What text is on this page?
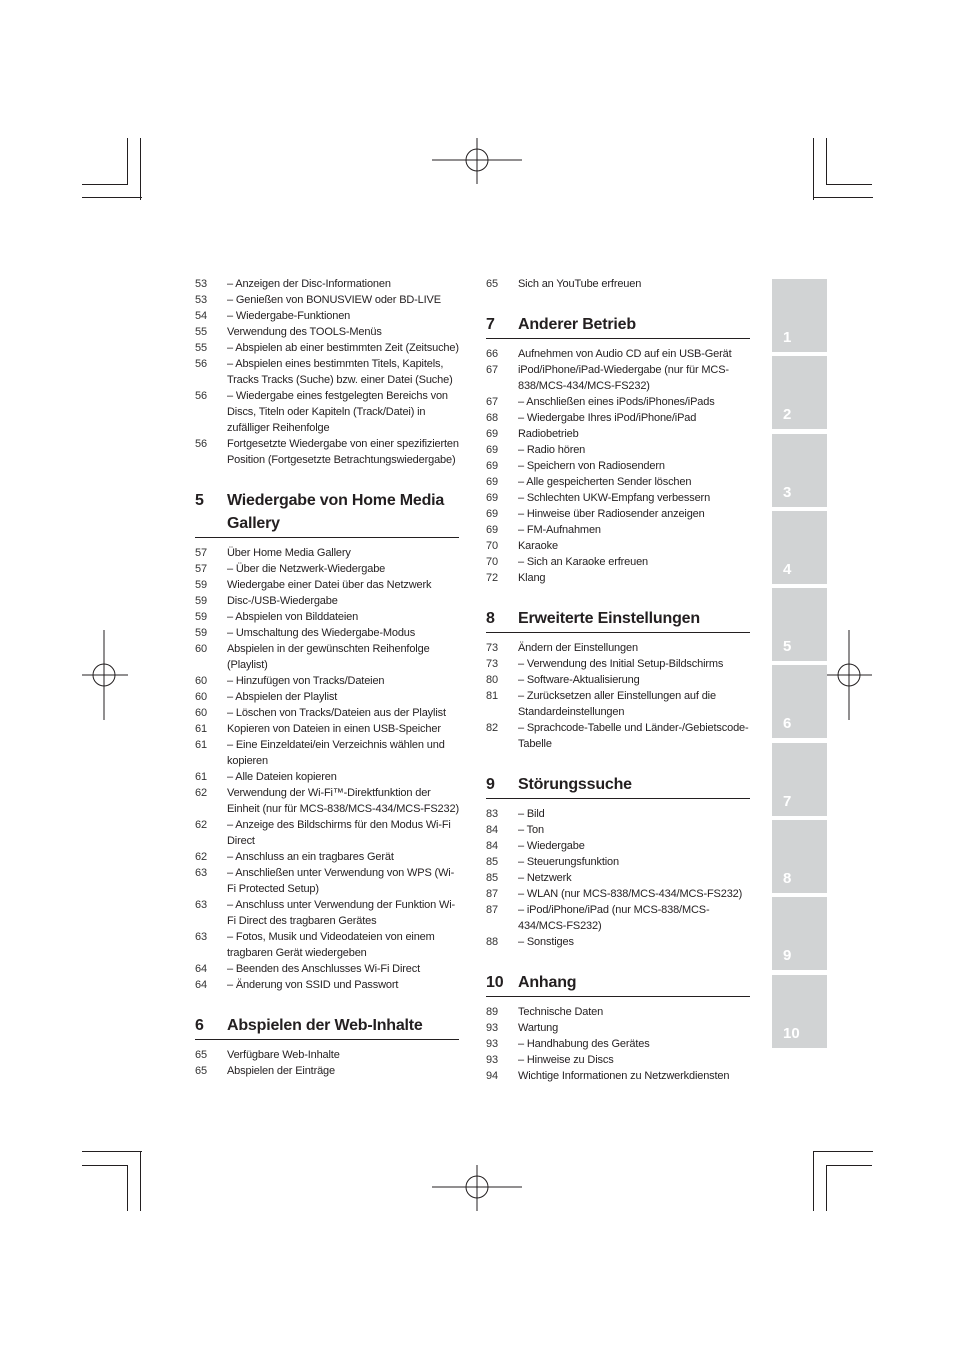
53	– Anzeigen der Disc-Informationen
53	– Genießen von BONUSVIEW oder BD-LIVE
54	– Wiedergabe-Funktionen
55	Verwendung des TOOLS-Menüs
55	– Abspielen ab einer bestimmten Zeit (Zeitsuche)
56	– Abspielen eines bestimmten Titels, Kapitels, Tracks Tracks (Suche) bzw. einer Datei (Suche)
56	– Wiedergabe eines festgelegten Bereichs von Discs, Titeln oder Kapiteln (Track/Datei) in zufälliger Reihenfolge
56	Fortgesetzte Wiedergabe von einer spezifizierten Position (Fortgesetzte Betrachtungswiedergabe)
5	Wiedergabe von Home Media Gallery
57	Über Home Media Gallery
57	– Über die Netzwerk-Wiedergabe
59	Wiedergabe einer Datei über das Netzwerk
59	Disc-/USB-Wiedergabe
59	– Abspielen von Bilddateien
59	– Umschaltung des Wiedergabe-Modus
60	Abspielen in der gewünschten Reihenfolge (Playlist)
60	– Hinzufügen von Tracks/Dateien
60	– Abspielen der Playlist
60	– Löschen von Tracks/Dateien aus der Playlist
61	Kopieren von Dateien in einen USB-Speicher
61	– Eine Einzeldatei/ein Verzeichnis wählen und kopieren
61	– Alle Dateien kopieren
62	Verwendung der Wi-Fi™-Direktfunktion der Einheit (nur für MCS-838/MCS-434/MCS-FS232)
62	– Anzeige des Bildschirms für den Modus Wi-Fi Direct
62	– Anschluss an ein tragbares Gerät
63	– Anschließen unter Verwendung von WPS (Wi-Fi Protected Setup)
63	– Anschluss unter Verwendung der Funktion Wi-Fi Direct des tragbaren Gerätes
63	– Fotos, Musik und Videodateien von einem tragbaren Gerät wiedergeben
64	– Beenden des Anschlusses Wi-Fi Direct
64	– Änderung von SSID und Passwort
6	Abspielen der Web-Inhalte
65	Verfügbare Web-Inhalte
65	Abspielen der Einträge
65	Sich an YouTube erfreuen
7	Anderer Betrieb
66	Aufnehmen von Audio CD auf ein USB-Gerät
67	iPod/iPhone/iPad-Wiedergabe (nur für MCS-838/MCS-434/MCS-FS232)
67	– Anschließen eines iPods/iPhones/iPads
68	– Wiedergabe Ihres iPod/iPhone/iPad
69	Radiobetrieb
69	– Radio hören
69	– Speichern von Radiosendern
69	– Alle gespeicherten Sender löschen
69	– Schlechten UKW-Empfang verbessern
69	– Hinweise über Radiosender anzeigen
69	– FM-Aufnahmen
70	Karaoke
70	– Sich an Karaoke erfreuen
72	Klang
8	Erweiterte Einstellungen
73	Ändern der Einstellungen
73	– Verwendung des Initial Setup-Bildschirms
80	– Software-Aktualisierung
81	– Zurücksetzen aller Einstellungen auf die Standardeinstellungen
82	– Sprachcode-Tabelle und Länder-/Gebietscode-Tabelle
9	Störungssuche
83	– Bild
84	– Ton
84	– Wiedergabe
85	– Steuerungsfunktion
85	– Netzwerk
87	– WLAN (nur MCS-838/MCS-434/MCS-FS232)
87	– iPod/iPhone/iPad (nur MCS-838/MCS-434/MCS-FS232)
88	– Sonstiges
10 Anhang
89	Technische Daten
93	Wartung
93	– Handhabung des Gerätes
93	– Hinweise zu Discs
94	Wichtige Informationen zu Netzwerkdiensten
1
2
3
4
5
6
7
8
9
10
